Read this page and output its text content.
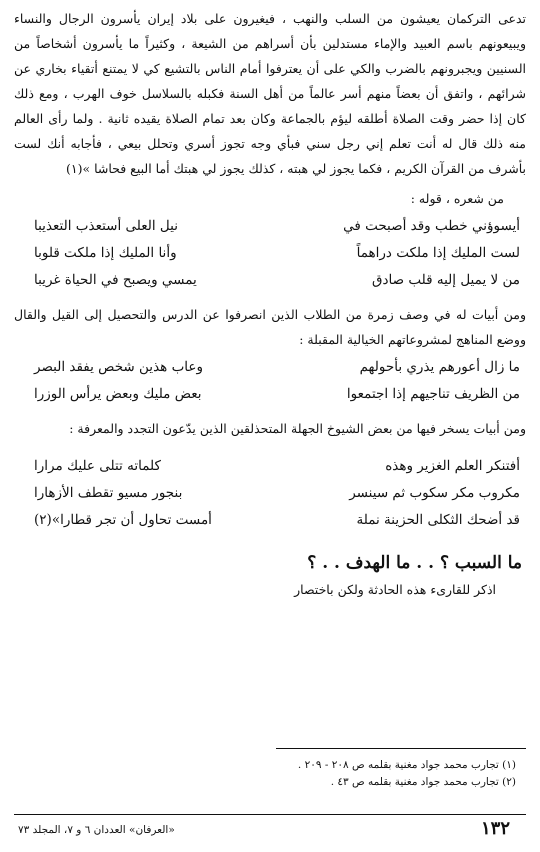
تدعى التركمان يعيشون من السلب والنهب ، فيغيرون على بلاد إيران يأسرون الرجال والنساء ويبيعونهم باسم العبيد والإماء مستدلين بأن أسراهم من الشيعة ، وكثيراً ما يأسرون أشخاصاً من السنيين ويجبرونهم بالضرب والكي على أن يعترفوا أمام الناس بالتشيع كي لا يمتنع أتقياء بخاري عن شرائهم ، واتفق أن بعضاً منهم أسر عالماً من أهل السنة فكبله بالسلاسل خوف الهرب ، ومع ذلك كان إذا حضر وقت الصلاة أطلقه ليؤم بالجماعة وكان بعد تمام الصلاة يقيده ثانية . ولما رأى العالم منه ذلك قال له أنت تعلم إني رجل سني فبأي وجه تجوز أسري وتحلل بيعي ، فأجابه أنك لست بأشرف من القرآن الكريم ، فكما يجوز لي هبته ، كذلك يجوز لي هبتك أما البيع فحاشا »(١)

من شعره ، قوله :

أيسوؤني خطب وقد أصبحت في
نيل العلى أستعذب التعذيبا
لست المليك إذا ملكت دراهماً
وأنا المليك إذا ملكت قلوبا
من لا يميل إليه قلب صادق
يمسي ويصبح في الحياة غريبا

ومن أبيات له في وصف زمرة من الطلاب الذين انصرفوا عن الدرس والتحصيل إلى القيل والقال ووضع المناهج لمشروعاتهم الخيالية المقبلة :

ما زال أعورهم يذري بأحولهم
وعاب هذين شخص يفقد البصر
من الظريف تناجيهم إذا اجتمعوا
بعض مليك وبعض يرأس الوزرا

ومن أبيات يسخر فيها من بعض الشيوخ الجهلة المتحذلقين الذين يدّعون التجدد والمعرفة :

أفتنكر العلم الغزير وهذه
كلماته تتلى عليك مرارا
مكروب مكر سكوب ثم سينسر
بنجور مسيو تقطف الأزهارا
قد أضحك الثكلى الحزينة نملة
أمست تحاول أن تجر قطارا»(٢)
ما السبب ؟ . . ما الهدف . . ؟

اذكر للقارىء هذه الحادثة ولكن باختصار

(١) تجارب محمد جواد مغنية بقلمه ص ٢٠٨ - ٢٠٩ .
(٢) تجارب محمد جواد مغنية بقلمه ص ٤٣ .
١٣٢
«العرفان» العددان ٦ و ٧، المجلد ٧٣
